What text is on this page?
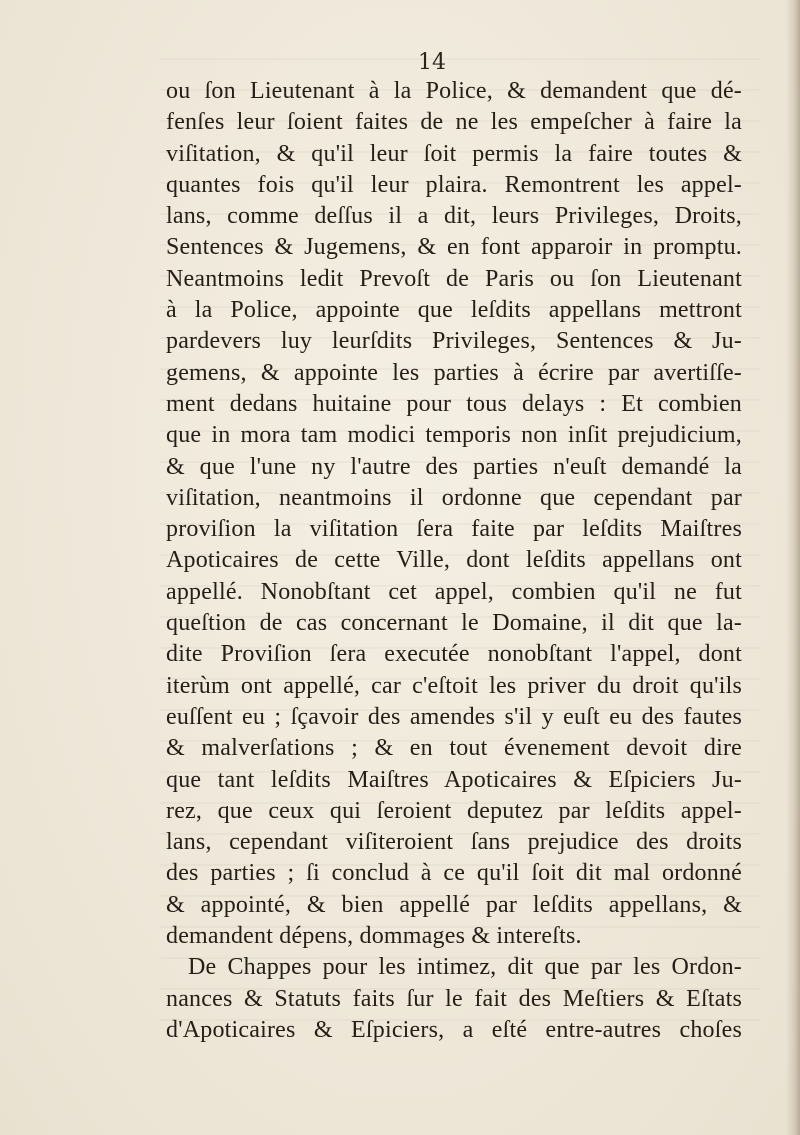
14
ou ſon Lieutenant à la Police, & demandent que dé-
fenſes leur ſoient faites de ne les empeſcher à faire la
viſitation, & qu'il leur ſoit permis la faire toutes &
quantes fois qu'il leur plaira. Remontrent les appel-
lans, comme deſſus il a dit, leurs Privileges, Droits,
Sentences & Jugemens, & en font apparoir in promptu.
Neantmoins ledit Prevoſt de Paris ou ſon Lieutenant
à la Police, appointe que leſdits appellans mettront
pardevers luy leurſdits Privileges, Sentences & Ju-
gemens, & appointe les parties à écrire par avertiſſe-
ment dedans huitaine pour tous delays : Et combien
que in mora tam modici temporis non inſit prejudicium,
& que l'une ny l'autre des parties n'euſt demandé la
viſitation, neantmoins il ordonne que cependant par
proviſion la viſitation ſera faite par leſdits Maiſtres
Apoticaires de cette Ville, dont leſdits appellans ont
appellé. Nonobſtant cet appel, combien qu'il ne fut
queſtion de cas concernant le Domaine, il dit que la-
dite Proviſion ſera executée nonobſtant l'appel, dont
iterùm ont appellé, car c'eſtoit les priver du droit qu'ils
euſſent eu ; ſçavoir des amendes s'il y euſt eu des fautes
& malverſations ; & en tout évenement devoit dire
que tant leſdits Maiſtres Apoticaires & Eſpiciers Ju-
rez, que ceux qui ſeroient deputez par leſdits appel-
lans, cependant viſiteroient ſans prejudice des droits
des parties ; ſi conclud à ce qu'il ſoit dit mal ordonné
& appointé, & bien appellé par leſdits appellans, &
demandent dépens, dommages & intereſts.
De Chappes pour les intimez, dit que par les Ordon-
nances & Statuts faits ſur le fait des Meſtiers & Eſtats
d'Apoticaires & Eſpiciers, a eſté entre-autres choſes
